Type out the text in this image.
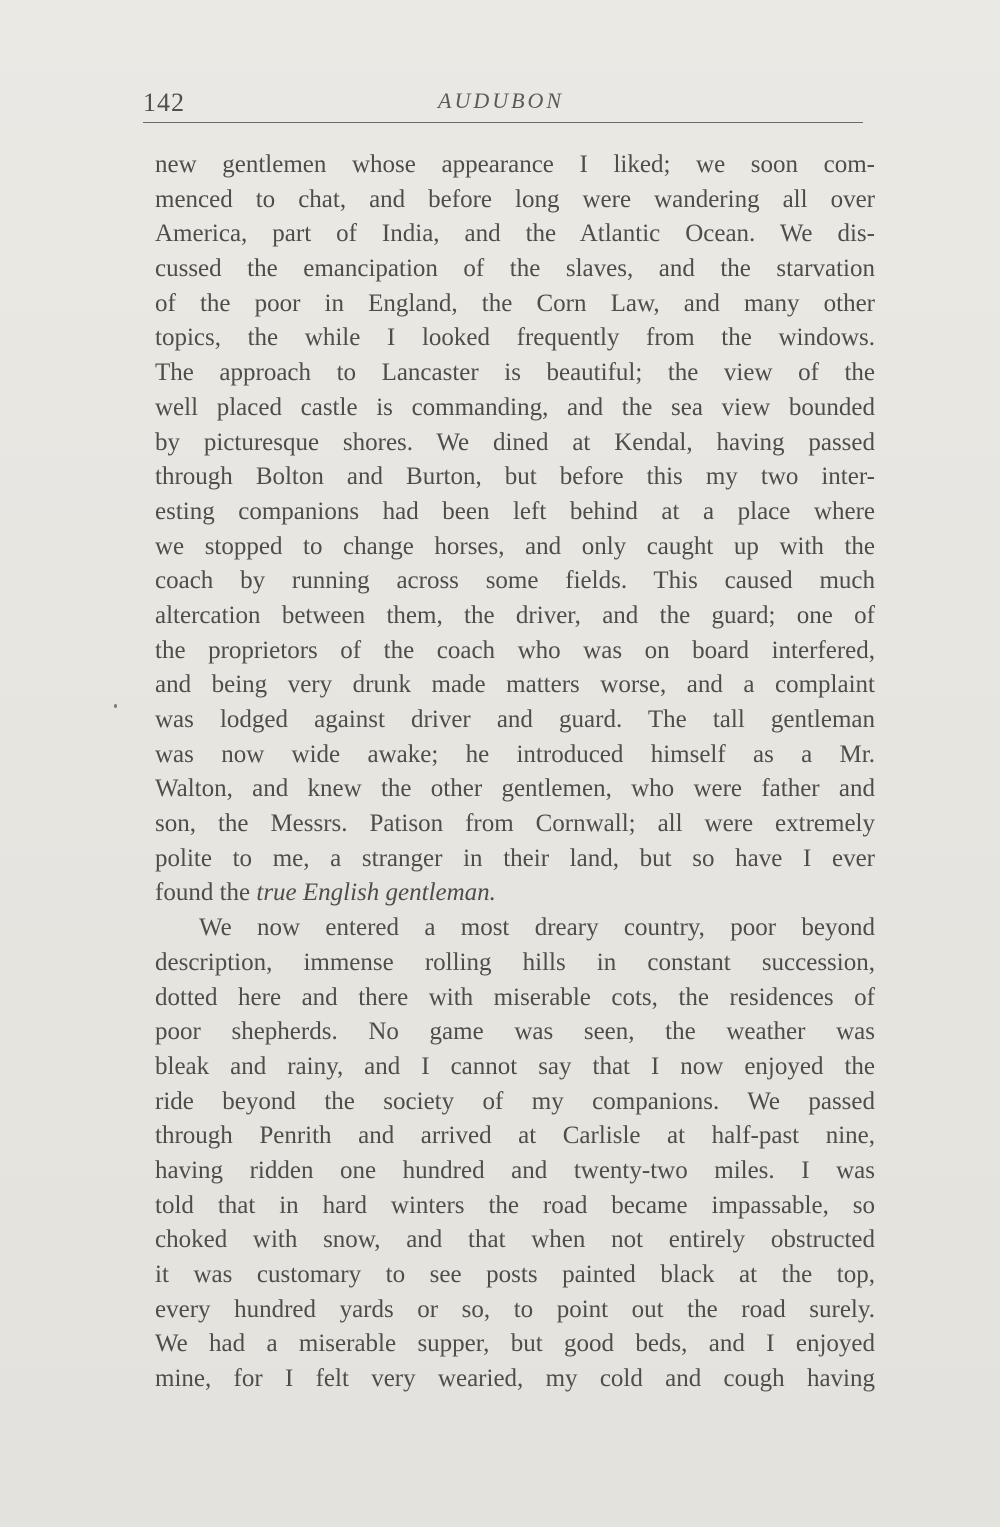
142	AUDUBON
new gentlemen whose appearance I liked; we soon com-
menced to chat, and before long were wandering all over
America, part of India, and the Atlantic Ocean. We dis-
cussed the emancipation of the slaves, and the starvation
of the poor in England, the Corn Law, and many other
topics, the while I looked frequently from the windows.
The approach to Lancaster is beautiful; the view of the
well placed castle is commanding, and the sea view bounded
by picturesque shores. We dined at Kendal, having passed
through Bolton and Burton, but before this my two inter-
esting companions had been left behind at a place where
we stopped to change horses, and only caught up with the
coach by running across some fields. This caused much
altercation between them, the driver, and the guard; one of
the proprietors of the coach who was on board interfered,
and being very drunk made matters worse, and a complaint
was lodged against driver and guard. The tall gentleman
was now wide awake; he introduced himself as a Mr.
Walton, and knew the other gentlemen, who were father and
son, the Messrs. Patison from Cornwall; all were extremely
polite to me, a stranger in their land, but so have I ever
found the true English gentleman.
We now entered a most dreary country, poor beyond
description, immense rolling hills in constant succession,
dotted here and there with miserable cots, the residences of
poor shepherds. No game was seen, the weather was
bleak and rainy, and I cannot say that I now enjoyed the
ride beyond the society of my companions. We passed
through Penrith and arrived at Carlisle at half-past nine,
having ridden one hundred and twenty-two miles. I was
told that in hard winters the road became impassable, so
choked with snow, and that when not entirely obstructed
it was customary to see posts painted black at the top,
every hundred yards or so, to point out the road surely.
We had a miserable supper, but good beds, and I enjoyed
mine, for I felt very wearied, my cold and cough having
